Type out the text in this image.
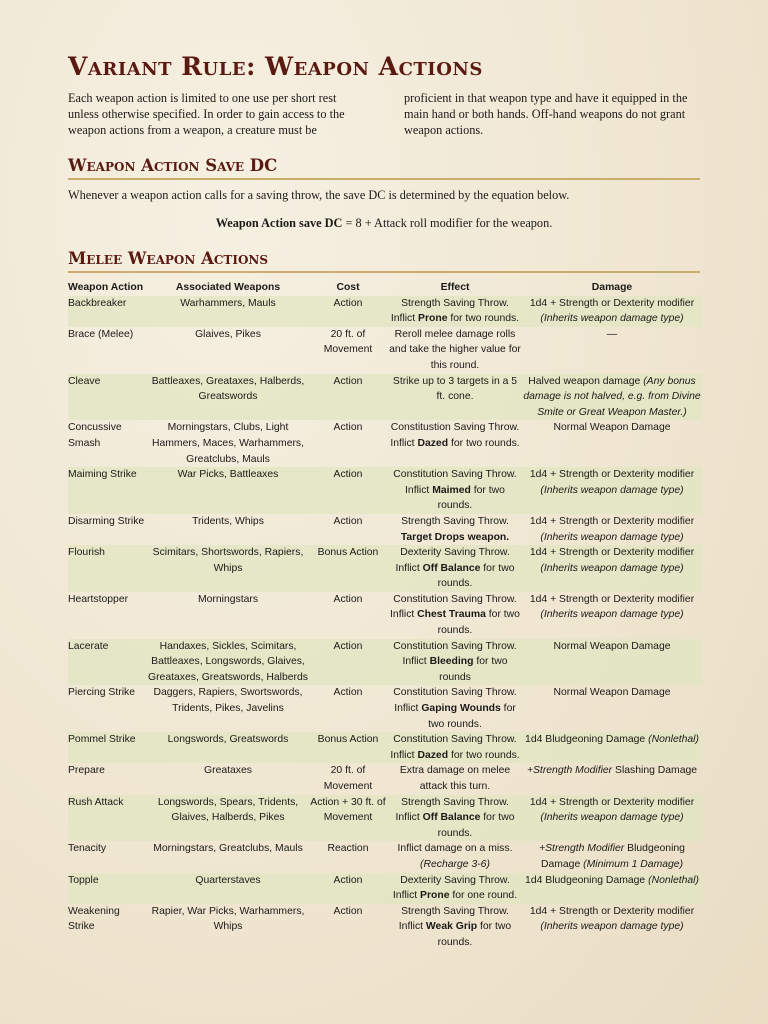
Variant Rule: Weapon Actions

Each weapon action is limited to one use per short rest unless otherwise specified. In order to gain access to the weapon actions from a weapon, a creature must be

proficient in that weapon type and have it equipped in the main hand or both hands. Off-hand weapons do not grant weapon actions.

Weapon Action Save DC
Whenever a weapon action calls for a saving throw, the save DC is determined by the equation below.
Weapon Action save DC = 8 + Attack roll modifier for the weapon.
Melee Weapon Actions
Weapon Action	Associated Weapons	Cost	Effect	Damage
Backbreaker	Warhammers, Mauls	Action	Strength Saving Throw. Inflict Prone for two rounds.	1d4 + Strength or Dexterity modifier (Inherits weapon damage type)
Brace (Melee)	Glaives, Pikes	20 ft. of Movement	Reroll melee damage rolls and take the higher value for this round.	—
Cleave	Battleaxes, Greataxes, Halberds, Greatswords	Action	Strike up to 3 targets in a 5 ft. cone.	Halved weapon damage (Any bonus damage is not halved, e.g. from Divine Smite or Great Weapon Master.)
Concussive Smash	Morningstars, Clubs, Light Hammers, Maces, Warhammers, Greatclubs, Mauls	Action	Constitustion Saving Throw. Inflict Dazed for two rounds.	Normal Weapon Damage
Maiming Strike	War Picks, Battleaxes	Action	Constitution Saving Throw. Inflict Maimed for two rounds.	1d4 + Strength or Dexterity modifier (Inherits weapon damage type)
Disarming Strike	Tridents, Whips	Action	Strength Saving Throw. Target Drops weapon.	1d4 + Strength or Dexterity modifier (Inherits weapon damage type)
Flourish	Scimitars, Shortswords, Rapiers, Whips	Bonus Action	Dexterity Saving Throw. Inflict Off Balance for two rounds.	1d4 + Strength or Dexterity modifier (Inherits weapon damage type)
Heartstopper	Morningstars	Action	Constitution Saving Throw. Inflict Chest Trauma for two rounds.	1d4 + Strength or Dexterity modifier (Inherits weapon damage type)
Lacerate	Handaxes, Sickles, Scimitars, Battleaxes, Longswords, Glaives, Greataxes, Greatswords, Halberds	Action	Constitution Saving Throw. Inflict Bleeding for two rounds	Normal Weapon Damage
Piercing Strike	Daggers, Rapiers, Swortswords, Tridents, Pikes, Javelins	Action	Constitution Saving Throw. Inflict Gaping Wounds for two rounds.	Normal Weapon Damage
Pommel Strike	Longswords, Greatswords	Bonus Action	Constitution Saving Throw. Inflict Dazed for two rounds.	1d4 Bludgeoning Damage (Nonlethal)
Prepare	Greataxes	20 ft. of Movement	Extra damage on melee attack this turn.	+Strength Modifier Slashing Damage
Rush Attack	Longswords, Spears, Tridents, Glaives, Halberds, Pikes	Action + 30 ft. of Movement	Strength Saving Throw. Inflict Off Balance for two rounds.	1d4 + Strength or Dexterity modifier (Inherits weapon damage type)
Tenacity	Morningstars, Greatclubs, Mauls	Reaction	Inflict damage on a miss. (Recharge 3-6)	+Strength Modifier Bludgeoning Damage (Minimum 1 Damage)
Topple	Quarterstaves	Action	Dexterity Saving Throw. Inflict Prone for one round.	1d4 Bludgeoning Damage (Nonlethal)
Weakening Strike	Rapier, War Picks, Warhammers, Whips	Action	Strength Saving Throw. Inflict Weak Grip for two rounds.	1d4 + Strength or Dexterity modifier (Inherits weapon damage type)
